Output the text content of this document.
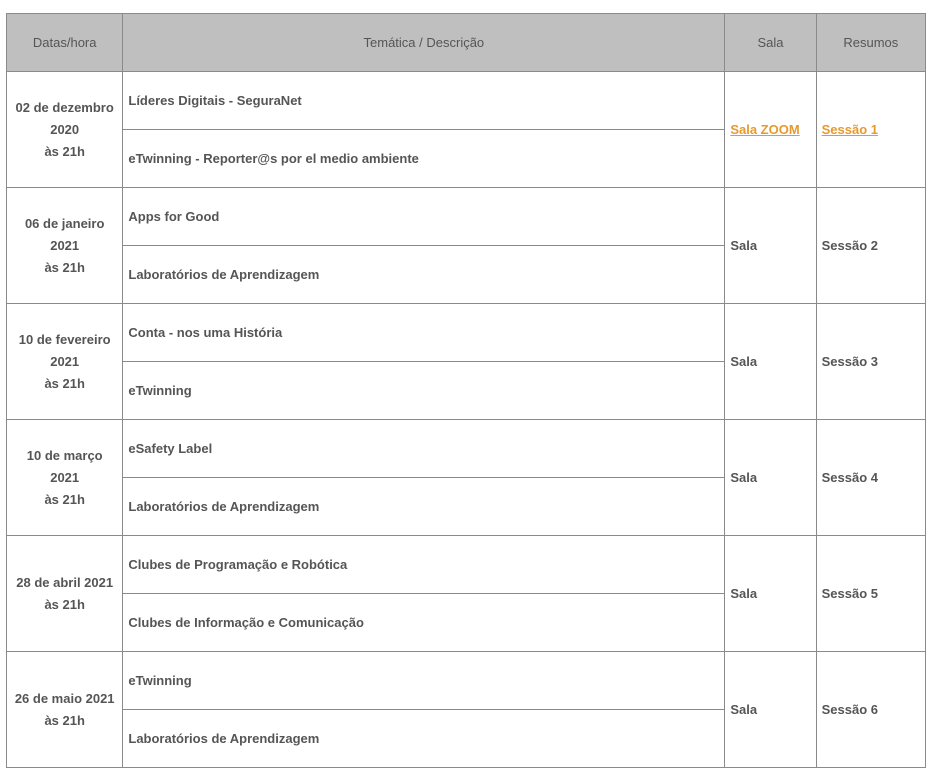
Datas/hora	Temática / Descrição	Sala	Resumos

02 de dezembro
2020
às 21h	Líderes Digitais - SeguraNet	Sala ZOOM	Sessão 1
	eTwinning - Reporter@s por el medio ambiente		

06 de janeiro
2021
às 21h	Apps for Good	Sala	Sessão 2
	Laboratórios de Aprendizagem		

10 de fevereiro
2021
às 21h	Conta - nos uma História	Sala	Sessão 3
	eTwinning		

10 de março
2021
às 21h	eSafety Label	Sala	Sessão 4
	Laboratórios de Aprendizagem		

28 de abril 2021
às 21h	Clubes de Programação e Robótica	Sala	Sessão 5
	Clubes de Informação e Comunicação		

26 de maio 2021
às 21h	eTwinning	Sala	Sessão 6
	Laboratórios de Aprendizagem		
